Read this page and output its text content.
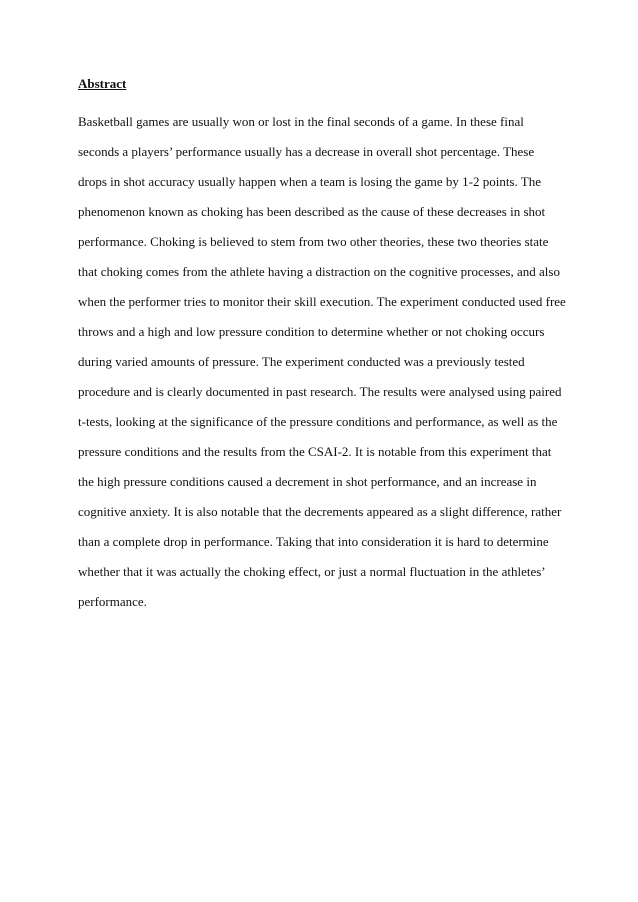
Abstract
Basketball games are usually won or lost in the final seconds of a game. In these final
seconds a players’ performance usually has a decrease in overall shot percentage. These
drops in shot accuracy usually happen when a team is losing the game by 1-2 points. The
phenomenon known as choking has been described as the cause of these decreases in shot
performance. Choking is believed to stem from two other theories, these two theories state
that choking comes from the athlete having a distraction on the cognitive processes, and also
when the performer tries to monitor their skill execution. The experiment conducted used free
throws and a high and low pressure condition to determine whether or not choking occurs
during varied amounts of pressure. The experiment conducted was a previously tested
procedure and is clearly documented in past research. The results were analysed using paired
t-tests, looking at the significance of the pressure conditions and performance, as well as the
pressure conditions and the results from the CSAI-2. It is notable from this experiment that
the high pressure conditions caused a decrement in shot performance, and an increase in
cognitive anxiety. It is also notable that the decrements appeared as a slight difference, rather
than a complete drop in performance. Taking that into consideration it is hard to determine
whether that it was actually the choking effect, or just a normal fluctuation in the athletes’
performance.
